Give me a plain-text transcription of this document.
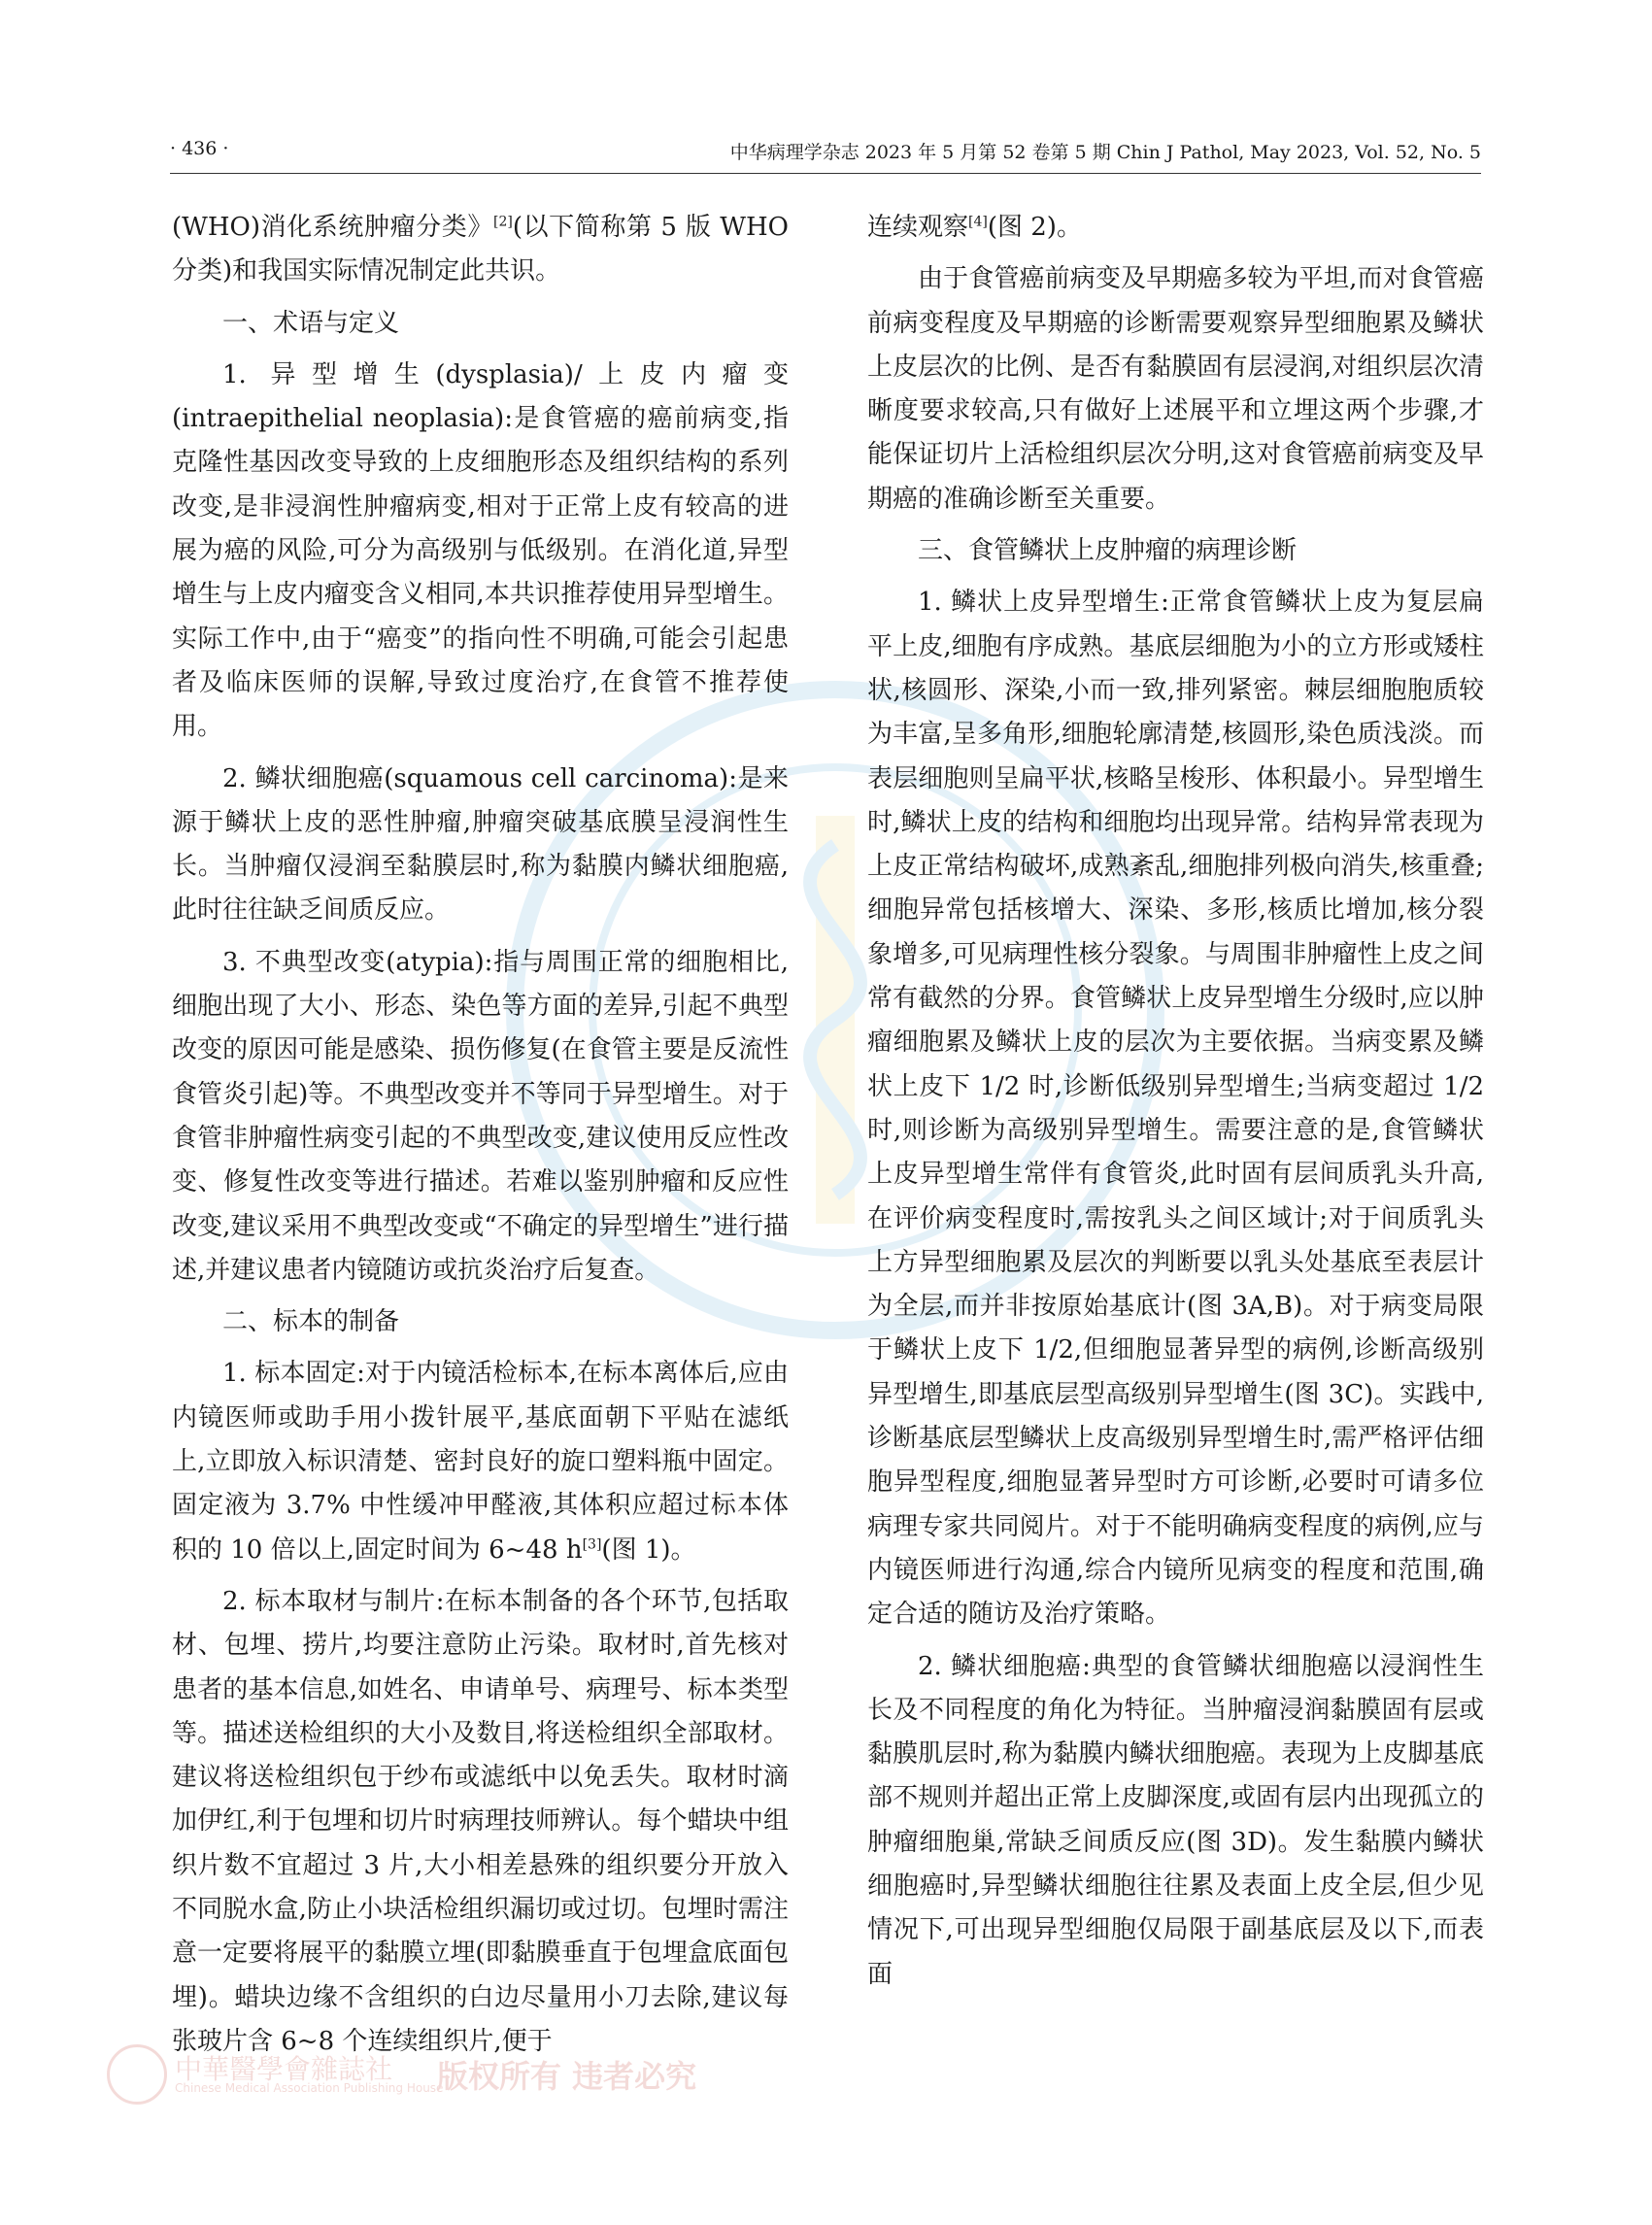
· 436 ·	中华病理学杂志 2023 年 5 月第 52 卷第 5 期 Chin J Pathol, May 2023, Vol. 52, No. 5

(WHO)消化系统肿瘤分类》[2](以下简称第 5 版 WHO 分类)和我国实际情况制定此共识。

一、术语与定义

1. 异型增生(dysplasia)/上皮内瘤变(intraepithelial neoplasia):是食管癌的癌前病变,指克隆性基因改变导致的上皮细胞形态及组织结构的系列改变,是非浸润性肿瘤病变,相对于正常上皮有较高的进展为癌的风险,可分为高级别与低级别。在消化道,异型增生与上皮内瘤变含义相同,本共识推荐使用异型增生。实际工作中,由于“癌变”的指向性不明确,可能会引起患者及临床医师的误解,导致过度治疗,在食管不推荐使用。

2. 鳞状细胞癌(squamous cell carcinoma):是来源于鳞状上皮的恶性肿瘤,肿瘤突破基底膜呈浸润性生长。当肿瘤仅浸润至黏膜层时,称为黏膜内鳞状细胞癌,此时往往缺乏间质反应。

3. 不典型改变(atypia):指与周围正常的细胞相比,细胞出现了大小、形态、染色等方面的差异,引起不典型改变的原因可能是感染、损伤修复(在食管主要是反流性食管炎引起)等。不典型改变并不等同于异型增生。对于食管非肿瘤性病变引起的不典型改变,建议使用反应性改变、修复性改变等进行描述。若难以鉴别肿瘤和反应性改变,建议采用不典型改变或“不确定的异型增生”进行描述,并建议患者内镜随访或抗炎治疗后复查。

二、标本的制备

1. 标本固定:对于内镜活检标本,在标本离体后,应由内镜医师或助手用小拨针展平,基底面朝下平贴在滤纸上,立即放入标识清楚、密封良好的旋口塑料瓶中固定。固定液为 3.7% 中性缓冲甲醛液,其体积应超过标本体积的 10 倍以上,固定时间为 6~48 h[3](图 1)。

2. 标本取材与制片:在标本制备的各个环节,包括取材、包埋、捞片,均要注意防止污染。取材时,首先核对患者的基本信息,如姓名、申请单号、病理号、标本类型等。描述送检组织的大小及数目,将送检组织全部取材。建议将送检组织包于纱布或滤纸中以免丢失。取材时滴加伊红,利于包埋和切片时病理技师辨认。每个蜡块中组织片数不宜超过 3 片,大小相差悬殊的组织要分开放入不同脱水盒,防止小块活检组织漏切或过切。包埋时需注意一定要将展平的黏膜立埋(即黏膜垂直于包埋盒底面包埋)。蜡块边缘不含组织的白边尽量用小刀去除,建议每张玻片含 6~8 个连续组织片,便于

连续观察[4](图 2)。

由于食管癌前病变及早期癌多较为平坦,而对食管癌前病变程度及早期癌的诊断需要观察异型细胞累及鳞状上皮层次的比例、是否有黏膜固有层浸润,对组织层次清晰度要求较高,只有做好上述展平和立埋这两个步骤,才能保证切片上活检组织层次分明,这对食管癌前病变及早期癌的准确诊断至关重要。

三、食管鳞状上皮肿瘤的病理诊断

1. 鳞状上皮异型增生:正常食管鳞状上皮为复层扁平上皮,细胞有序成熟。基底层细胞为小的立方形或矮柱状,核圆形、深染,小而一致,排列紧密。棘层细胞胞质较为丰富,呈多角形,细胞轮廓清楚,核圆形,染色质浅淡。而表层细胞则呈扁平状,核略呈梭形、体积最小。异型增生时,鳞状上皮的结构和细胞均出现异常。结构异常表现为上皮正常结构破坏,成熟紊乱,细胞排列极向消失,核重叠;细胞异常包括核增大、深染、多形,核质比增加,核分裂象增多,可见病理性核分裂象。与周围非肿瘤性上皮之间常有截然的分界。食管鳞状上皮异型增生分级时,应以肿瘤细胞累及鳞状上皮的层次为主要依据。当病变累及鳞状上皮下 1/2 时,诊断低级别异型增生;当病变超过 1/2 时,则诊断为高级别异型增生。需要注意的是,食管鳞状上皮异型增生常伴有食管炎,此时固有层间质乳头升高,在评价病变程度时,需按乳头之间区域计;对于间质乳头上方异型细胞累及层次的判断要以乳头处基底至表层计为全层,而并非按原始基底计(图 3A,B)。对于病变局限于鳞状上皮下 1/2,但细胞显著异型的病例,诊断高级别异型增生,即基底层型高级别异型增生(图 3C)。实践中,诊断基底层型鳞状上皮高级别异型增生时,需严格评估细胞异型程度,细胞显著异型时方可诊断,必要时可请多位病理专家共同阅片。对于不能明确病变程度的病例,应与内镜医师进行沟通,综合内镜所见病变的程度和范围,确定合适的随访及治疗策略。

2. 鳞状细胞癌:典型的食管鳞状细胞癌以浸润性生长及不同程度的角化为特征。当肿瘤浸润黏膜固有层或黏膜肌层时,称为黏膜内鳞状细胞癌。表现为上皮脚基底部不规则并超出正常上皮脚深度,或固有层内出现孤立的肿瘤细胞巢,常缺乏间质反应(图 3D)。发生黏膜内鳞状细胞癌时,异型鳞状细胞往往累及表面上皮全层,但少见情况下,可出现异型细胞仅局限于副基底层及以下,而表面

中華醫學會雜誌社
Chinese Medical Association Publishing House
版权所有 违者必究
